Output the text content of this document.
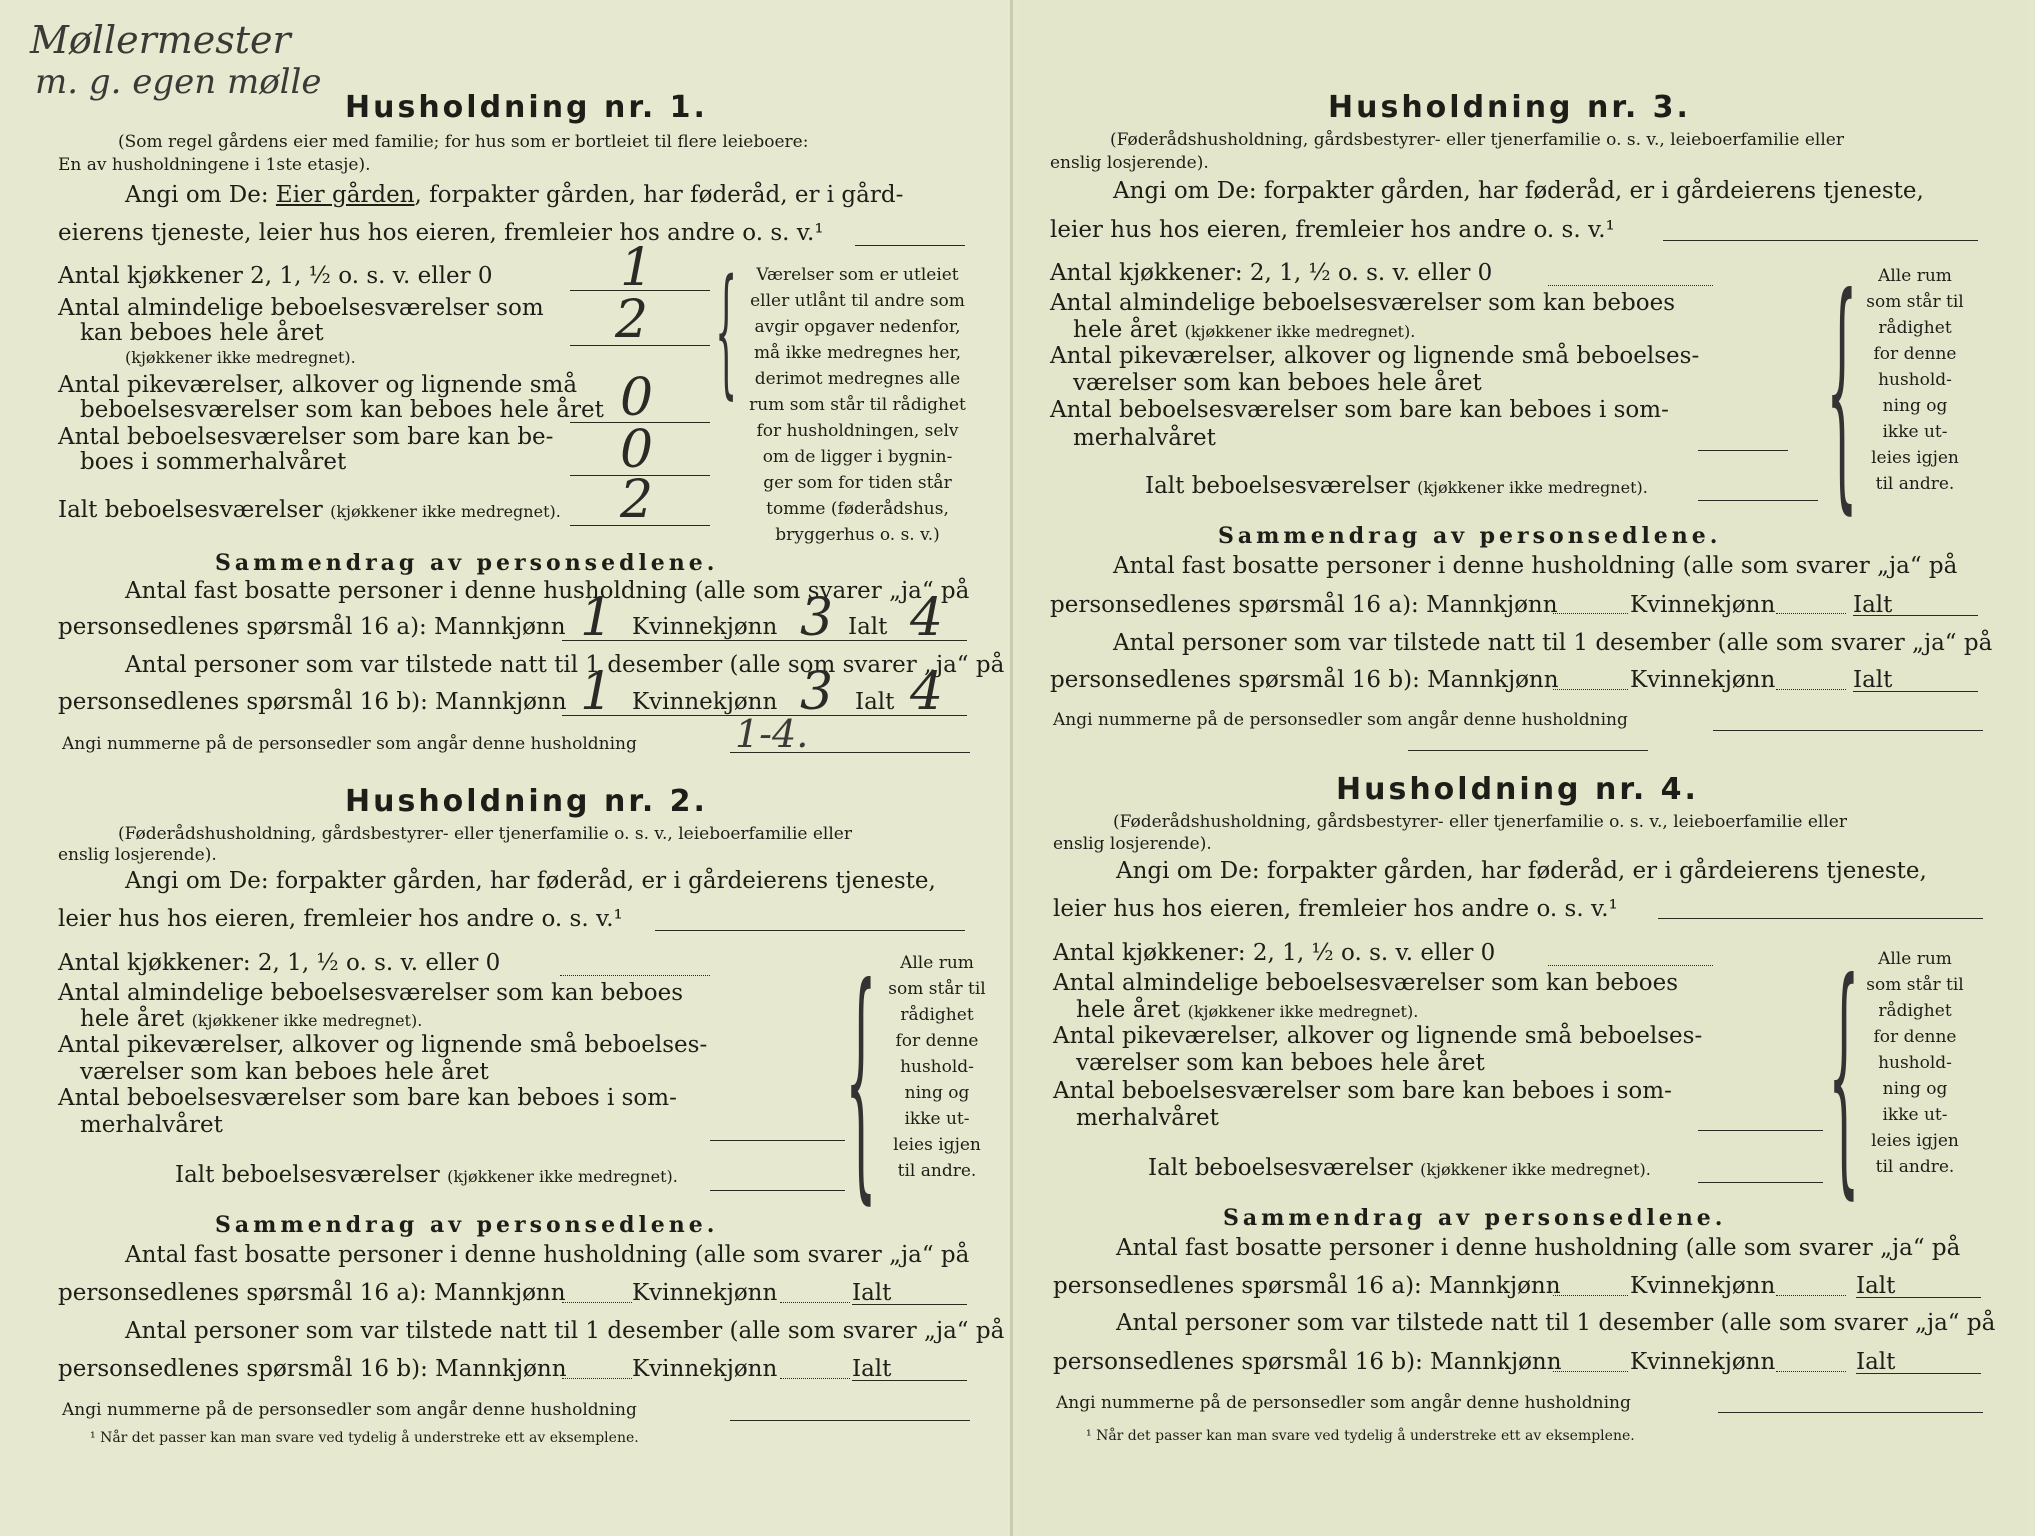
Møllermester
m. g. egen mølle
Husholdning nr. 1.
(Som regel gårdens eier med familie; for hus som er bortleiet til flere leieboere:
En av husholdningene i 1ste etasje).
Angi om De: Eier gården, forpakter gården, har føderåd, er i gård-
eierens tjeneste, leier hus hos eieren, fremleier hos andre o. s. v.¹
Antal kjøkkener 2, 1, ½ o. s. v. eller 0 1
Antal almindelige beboelsesværelser som
kan beboes hele året	2
(kjøkkener ikke medregnet).
Antal pikeværelser, alkover og lignende små
beboelsesværelser som kan beboes hele året 0
Antal beboelsesværelser som bare kan be-
boes i sommerhalvåret	0
Ialt beboelsesværelser (kjøkkener ikke medregnet). 2
{	Værelser som er utleiet
eller utlånt til andre som
avgir opgaver nedenfor,
må ikke medregnes her,
derimot medregnes alle
rum som står til rådighet
for husholdningen, selv
om de ligger i bygnin-
ger som for tiden står
tomme (føderådshus,
bryggerhus o. s. v.)
Sammendrag av personsedlene.
Antal fast bosatte personer i denne husholdning (alle som svarer „ja“ på
personsedlenes spørsmål 16 a): Mannkjønn 1 Kvinnekjønn 3 Ialt 4
Antal personer som var tilstede natt til 1 desember (alle som svarer „ja“ på
personsedlenes spørsmål 16 b): Mannkjønn 1 Kvinnekjønn 3 Ialt 4
Angi nummerne på de personsedler som angår denne husholdning	1-4.
Husholdning nr. 2.
(Føderådshusholdning, gårdsbestyrer- eller tjenerfamilie o. s. v., leieboerfamilie eller
enslig losjerende).
Angi om De: forpakter gården, har føderåd, er i gårdeierens tjeneste,
leier hus hos eieren, fremleier hos andre o. s. v.¹
Antal kjøkkener: 2, 1, ½ o. s. v. eller 0
Antal almindelige beboelsesværelser som kan beboes
hele året (kjøkkener ikke medregnet).
Antal pikeværelser, alkover og lignende små beboelses-
værelser som kan beboes hele året
Antal beboelsesværelser som bare kan beboes i som-
merhalvåret
Ialt beboelsesværelser (kjøkkener ikke medregnet). {	Alle rum
som står til
rådighet
for denne
hushold-
ning og
ikke ut-
leies igjen
til andre.
Sammendrag av personsedlene.
Antal fast bosatte personer i denne husholdning (alle som svarer „ja“ på
personsedlenes spørsmål 16 a): Mannkjønn	Kvinnekjønn	Ialt
Antal personer som var tilstede natt til 1 desember (alle som svarer „ja“ på
personsedlenes spørsmål 16 b): Mannkjønn	Kvinnekjønn	Ialt
Angi nummerne på de personsedler som angår denne husholdning
¹ Når det passer kan man svare ved tydelig å understreke ett av eksemplene.
Husholdning nr. 3.
(Føderådshusholdning, gårdsbestyrer- eller tjenerfamilie o. s. v., leieboerfamilie eller
enslig losjerende).
Angi om De: forpakter gården, har føderåd, er i gårdeierens tjeneste,
leier hus hos eieren, fremleier hos andre o. s. v.¹
Antal kjøkkener: 2, 1, ½ o. s. v. eller 0
Antal almindelige beboelsesværelser som kan beboes
hele året (kjøkkener ikke medregnet).
Antal pikeværelser, alkover og lignende små beboelses-
værelser som kan beboes hele året
Antal beboelsesværelser som bare kan beboes i som-
merhalvåret
Ialt beboelsesværelser (kjøkkener ikke medregnet). {	Alle rum
som står til
rådighet
for denne
hushold-
ning og
ikke ut-
leies igjen
til andre.
Sammendrag av personsedlene.
Antal fast bosatte personer i denne husholdning (alle som svarer „ja“ på
personsedlenes spørsmål 16 a): Mannkjønn	Kvinnekjønn	Ialt
Antal personer som var tilstede natt til 1 desember (alle som svarer „ja“ på
personsedlenes spørsmål 16 b): Mannkjønn	Kvinnekjønn	Ialt
Angi nummerne på de personsedler som angår denne husholdning
Husholdning nr. 4.
(Føderådshusholdning, gårdsbestyrer- eller tjenerfamilie o. s. v., leieboerfamilie eller
enslig losjerende).
Angi om De: forpakter gården, har føderåd, er i gårdeierens tjeneste,
leier hus hos eieren, fremleier hos andre o. s. v.¹
Antal kjøkkener: 2, 1, ½ o. s. v. eller 0
Antal almindelige beboelsesværelser som kan beboes
hele året (kjøkkener ikke medregnet).
Antal pikeværelser, alkover og lignende små beboelses-
værelser som kan beboes hele året
Antal beboelsesværelser som bare kan beboes i som-
merhalvåret
Ialt beboelsesværelser (kjøkkener ikke medregnet). {	Alle rum
som står til
rådighet
for denne
hushold-
ning og
ikke ut-
leies igjen
til andre.
Sammendrag av personsedlene.
Antal fast bosatte personer i denne husholdning (alle som svarer „ja“ på
personsedlenes spørsmål 16 a): Mannkjønn	Kvinnekjønn	Ialt
Antal personer som var tilstede natt til 1 desember (alle som svarer „ja“ på
personsedlenes spørsmål 16 b): Mannkjønn	Kvinnekjønn	Ialt
Angi nummerne på de personsedler som angår denne husholdning
¹ Når det passer kan man svare ved tydelig å understreke ett av eksemplene.
